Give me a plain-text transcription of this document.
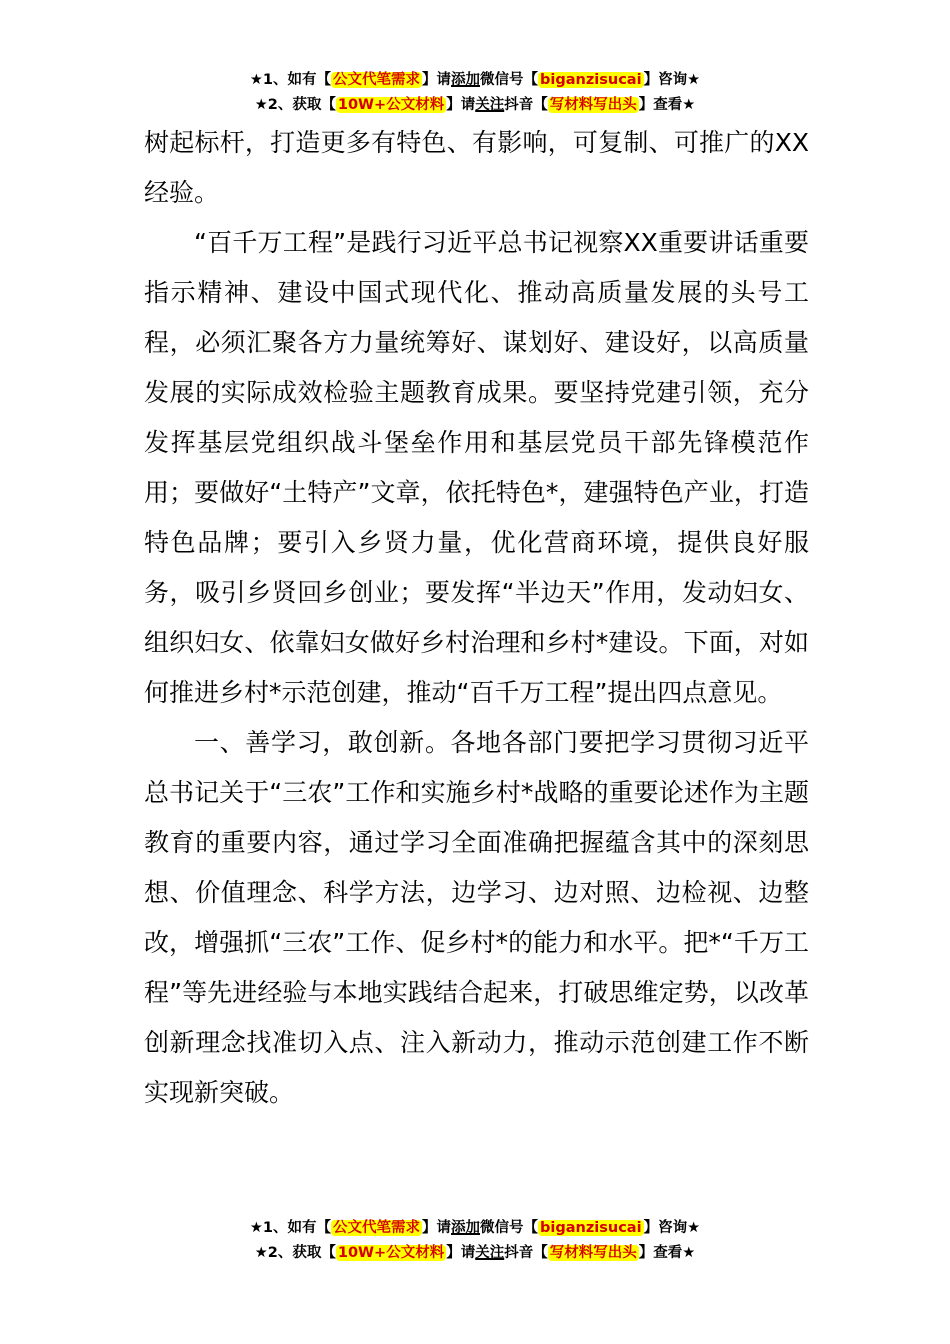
★1、如有【 公文代笔需求 】请添加微信号【 biganzisucai 】咨询★
★2、获取【 10W+公文材料 】请关注抖音【 写材料写出头 】查看★

树起标杆，打造更多有特色、有影响，可复制、可推广的XX经验。

“百千万工程”是践行习近平总书记视察XX重要讲话重要指示精神、建设中国式现代化、推动高质量发展的头号工程，必须汇聚各方力量统筹好、谋划好、建设好，以高质量发展的实际成效检验主题教育成果。要坚持党建引领，充分发挥基层党组织战斗堡垒作用和基层党员干部先锋模范作用；要做好“土特产”文章，依托特色*，建强特色产业，打造特色品牌；要引入乡贤力量，优化营商环境，提供良好服务，吸引乡贤回乡创业；要发挥“半边天”作用，发动妇女、组织妇女、依靠妇女做好乡村治理和乡村*建设。下面，对如何推进乡村*示范创建，推动“百千万工程”提出四点意见。

一、善学习，敢创新。各地各部门要把学习贯彻习近平总书记关于“三农”工作和实施乡村*战略的重要论述作为主题教育的重要内容，通过学习全面准确把握蕴含其中的深刻思想、价值理念、科学方法，边学习、边对照、边检视、边整改，增强抓“三农”工作、促乡村*的能力和水平。把*“千万工程”等先进经验与本地实践结合起来，打破思维定势，以改革创新理念找准切入点、注入新动力，推动示范创建工作不断实现新突破。

★1、如有【 公文代笔需求 】请添加微信号【 biganzisucai 】咨询★
★2、获取【 10W+公文材料 】请关注抖音【 写材料写出头 】查看★
